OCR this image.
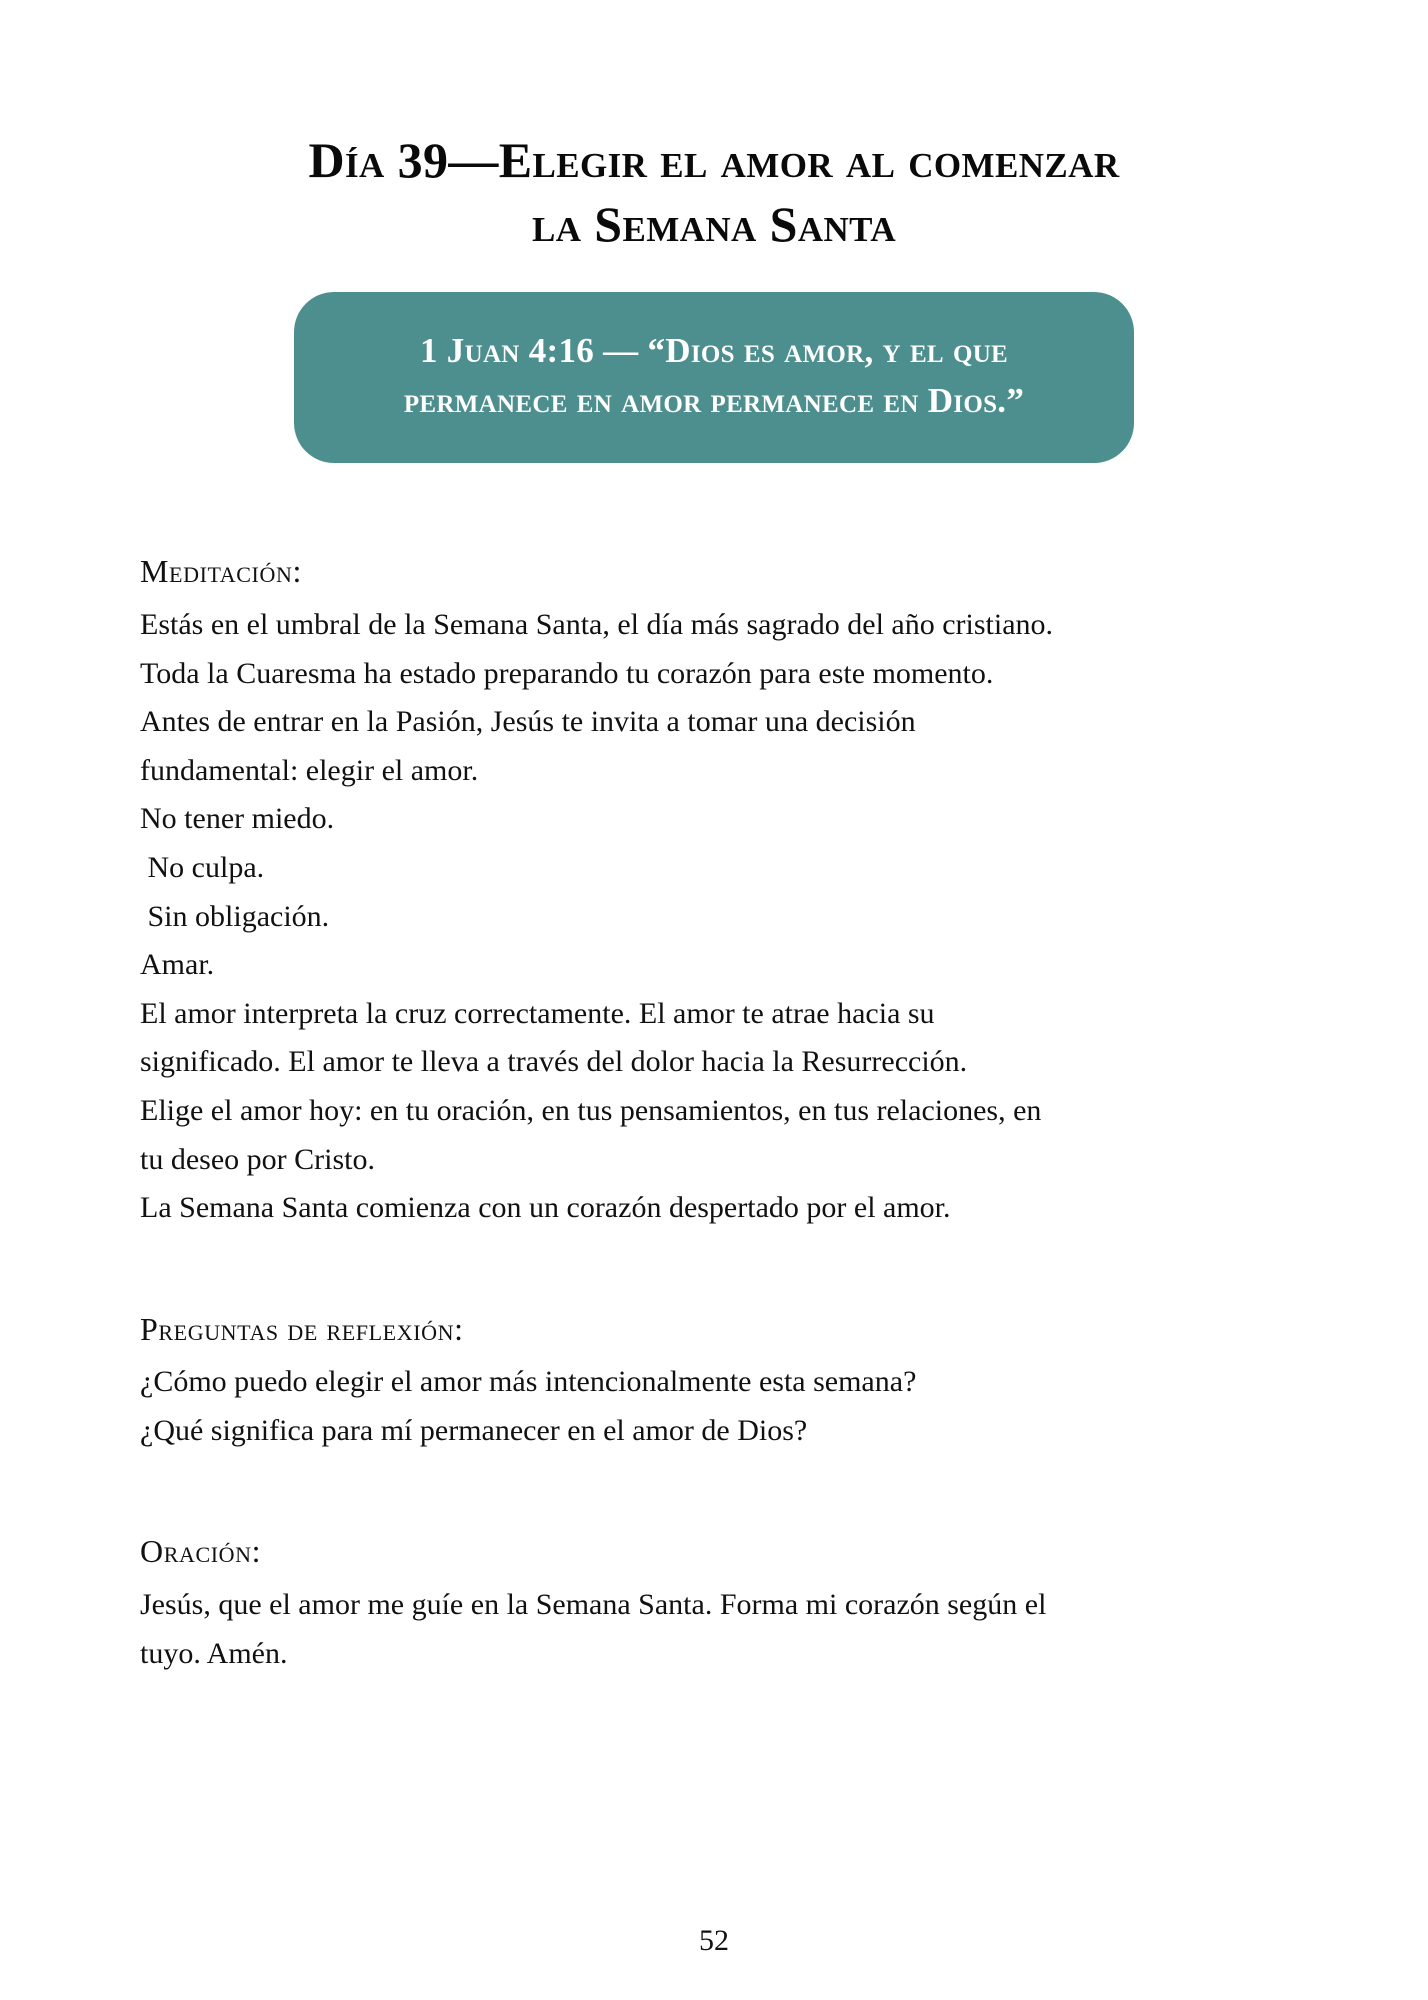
Día 39—Elegir el amor al comenzar
la Semana Santa

1 Juan 4:16 — “Dios es amor, y el que permanece en amor permanece en Dios.”

Meditación:
Estás en el umbral de la Semana Santa, el día más sagrado del año cristiano.
Toda la Cuaresma ha estado preparando tu corazón para este momento.
Antes de entrar en la Pasión, Jesús te invita a tomar una decisión
fundamental: elegir el amor.
No tener miedo.
No culpa.
Sin obligación.
Amar.
El amor interpreta la cruz correctamente. El amor te atrae hacia su
significado. El amor te lleva a través del dolor hacia la Resurrección.
Elige el amor hoy: en tu oración, en tus pensamientos, en tus relaciones, en
tu deseo por Cristo.
La Semana Santa comienza con un corazón despertado por el amor.
Preguntas de reflexión:
¿Cómo puedo elegir el amor más intencionalmente esta semana?
¿Qué significa para mí permanecer en el amor de Dios?
Oración:
Jesús, que el amor me guíe en la Semana Santa. Forma mi corazón según el
tuyo. Amén.
52
